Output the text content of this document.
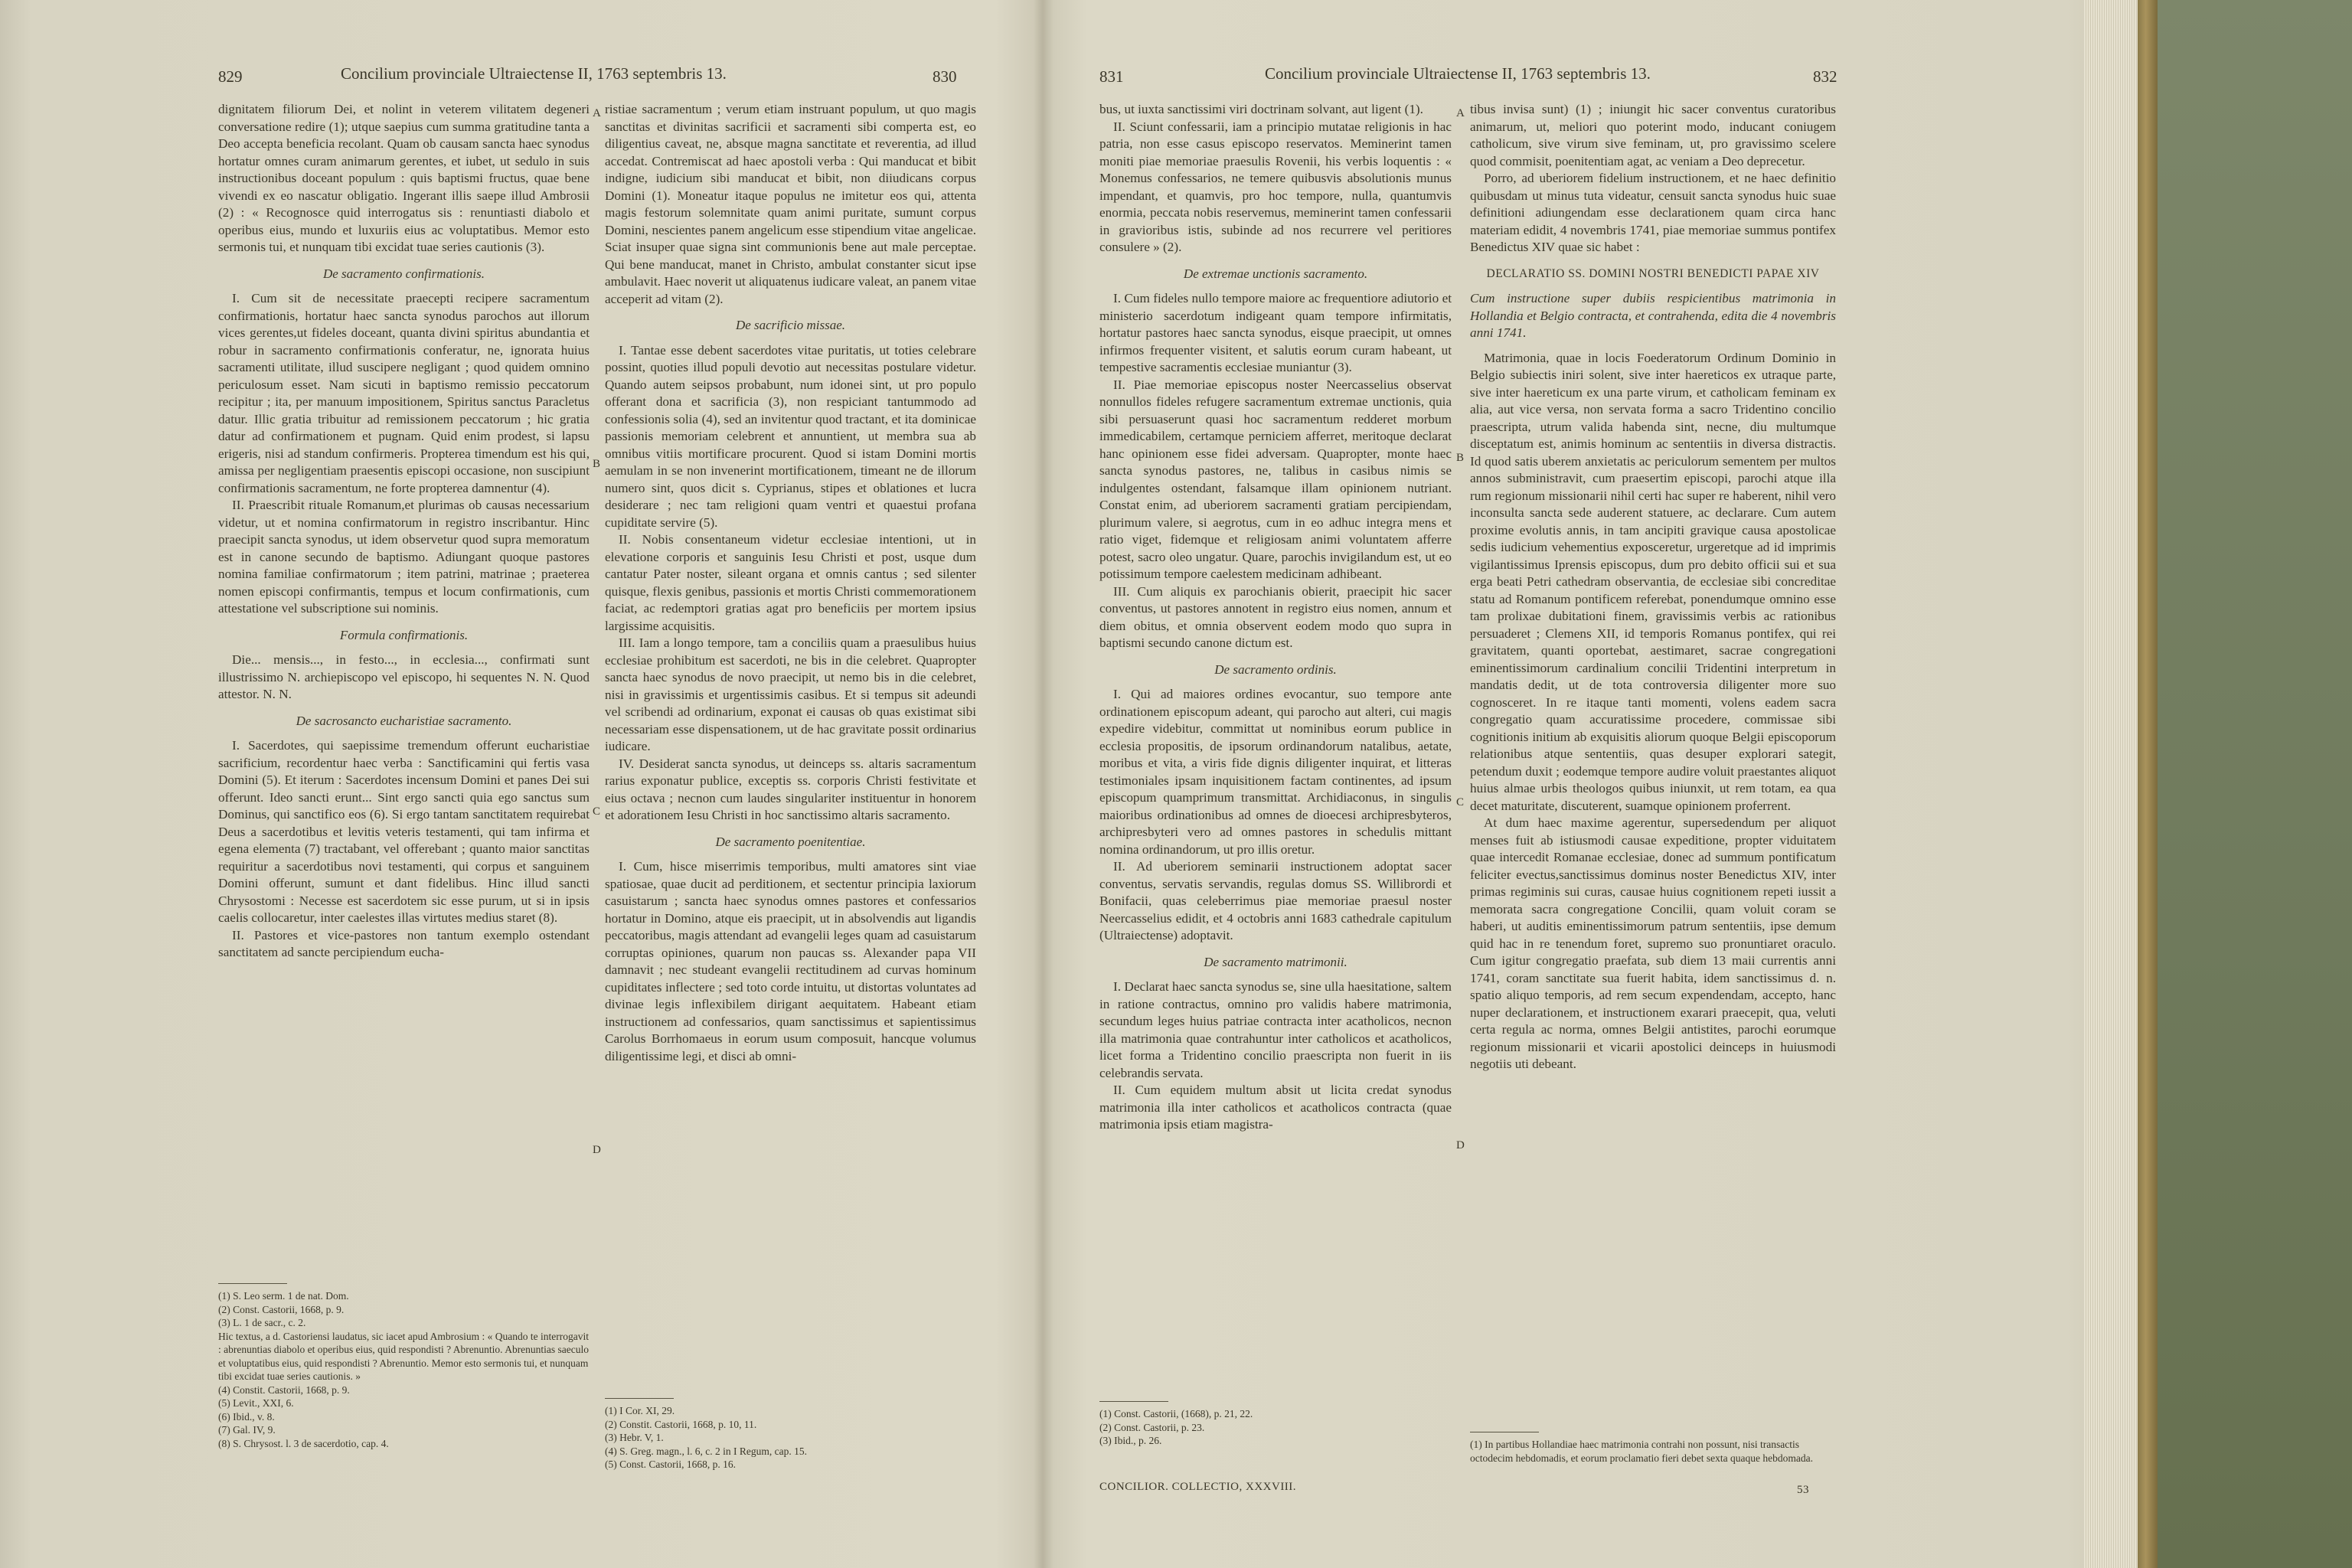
829	Concilium provinciale Ultraiectense II, 1763 septembris 13.	830

dignitatem filiorum Dei, et nolint in veterem vilitatem degeneri conversatione redire (1); utque saepius cum summa gratitudine tanta a Deo accepta beneficia recolant. Quam ob causam sancta haec synodus hortatur omnes curam animarum gerentes, et iubet, ut sedulo in suis instructionibus doceant populum : quis baptismi fructus, quae bene vivendi ex eo nascatur obligatio. Ingerant illis saepe illud Ambrosii (2) : « Recognosce quid interrogatus sis : renuntiasti diabolo et operibus eius, mundo et luxuriis eius ac voluptatibus. Memor esto sermonis tui, et nunquam tibi excidat tuae series cautionis (3).

De sacramento confirmationis.

I. Cum sit de necessitate praecepti recipere sacramentum confirmationis, hortatur haec sancta synodus parochos aut illorum vices gerentes,ut fideles doceant, quanta divini spiritus abundantia et robur in sacramento confirmationis conferatur, ne, ignorata huius sacramenti utilitate, illud suscipere negligant ; quod quidem omnino periculosum esset. Nam sicuti in baptismo remissio peccatorum recipitur ; ita, per manuum impositionem, Spiritus sanctus Paracletus datur. Illic gratia tribuitur ad remissionem peccatorum ; hic gratia datur ad confirmationem et pugnam. Quid enim prodest, si lapsu erigeris, nisi ad standum confirmeris. Propterea timendum est his qui, amissa per negligentiam praesentis episcopi occasione, non suscipiunt confirmationis sacramentum, ne forte propterea damnentur (4).

II. Praescribit rituale Romanum,et plurimas ob causas necessarium videtur, ut et nomina confirmatorum in registro inscribantur. Hinc praecipit sancta synodus, ut idem observetur quod supra memoratum est in canone secundo de baptismo. Adiungant quoque pastores nomina familiae confirmatorum ; item patrini, matrinae ; praeterea nomen episcopi confirmantis, tempus et locum confirmationis, cum attestatione vel subscriptione sui nominis.

Formula confirmationis.

Die... mensis..., in festo..., in ecclesia..., confirmati sunt illustrissimo N. archiepiscopo vel episcopo, hi sequentes N. N. Quod attestor. N. N.

De sacrosancto eucharistiae sacramento.

I. Sacerdotes, qui saepissime tremendum offerunt eucharistiae sacrificium, recordentur haec verba : Sanctificamini qui fertis vasa Domini (5). Et iterum : Sacerdotes incensum Domini et panes Dei sui offerunt. Ideo sancti erunt... Sint ergo sancti quia ego sanctus sum Dominus, qui sanctifico eos (6). Si ergo tantam sanctitatem requirebat Deus a sacerdotibus et levitis veteris testamenti, qui tam infirma et egena elementa (7) tractabant, vel offerebant ; quanto maior sanctitas requiritur a sacerdotibus novi testamenti, qui corpus et sanguinem Domini offerunt, sumunt et dant fidelibus. Hinc illud sancti Chrysostomi : Necesse est sacerdotem sic esse purum, ut si in ipsis caelis collocaretur, inter caelestes illas virtutes medius staret (8).

II. Pastores et vice-pastores non tantum exemplo ostendant sanctitatem ad sancte percipiendum eucha-

(1) S. Leo serm. 1 de nat. Dom.

(2) Const. Castorii, 1668, p. 9.

(3) L. 1 de sacr., c. 2.

Hic textus, a d. Castoriensi laudatus, sic iacet apud Ambrosium : « Quando te interrogavit : abrenuntias diabolo et operibus eius, quid respondisti ? Abrenuntio. Abrenuntias saeculo et voluptatibus eius, quid respondisti ? Abrenuntio. Memor esto sermonis tui, et nunquam tibi excidat tuae series cautionis. »

(4) Constit. Castorii, 1668, p. 9.

(5) Levit., XXI, 6.

(6) Ibid., v. 8.

(7) Gal. IV, 9.

(8) S. Chrysost. l. 3 de sacerdotio, cap. 4.

A
B
C
D

ristiae sacramentum ; verum etiam instruant populum, ut quo magis sanctitas et divinitas sacrificii et sacramenti sibi comperta est, eo diligentius caveat, ne, absque magna sanctitate et reverentia, ad illud accedat. Contremiscat ad haec apostoli verba : Qui manducat et bibit indigne, iudicium sibi manducat et bibit, non diiudicans corpus Domini (1). Moneatur itaque populus ne imitetur eos qui, attenta magis festorum solemnitate quam animi puritate, sumunt corpus Domini, nescientes panem angelicum esse stipendium vitae angelicae. Sciat insuper quae signa sint communionis bene aut male perceptae. Qui bene manducat, manet in Christo, ambulat constanter sicut ipse ambulavit. Haec noverit ut aliquatenus iudicare valeat, an panem vitae acceperit ad vitam (2).

De sacrificio missae.

I. Tantae esse debent sacerdotes vitae puritatis, ut toties celebrare possint, quoties illud populi devotio aut necessitas postulare videtur. Quando autem seipsos probabunt, num idonei sint, ut pro populo offerant dona et sacrificia (3), non respiciant tantummodo ad confessionis solia (4), sed an invitentur quod tractant, et ita dominicae passionis memoriam celebrent et annuntient, ut membra sua ab omnibus vitiis mortificare procurent. Quod si istam Domini mortis aemulam in se non invenerint mortificationem, timeant ne de illorum numero sint, quos dicit s. Cyprianus, stipes et oblationes et lucra desiderare ; nec tam religioni quam ventri et quaestui profana cupiditate servire (5).

II. Nobis consentaneum videtur ecclesiae intentioni, ut in elevatione corporis et sanguinis Iesu Christi et post, usque dum cantatur Pater noster, sileant organa et omnis cantus ; sed silenter quisque, flexis genibus, passionis et mortis Christi commemorationem faciat, ac redemptori gratias agat pro beneficiis per mortem ipsius largissime acquisitis.

III. Iam a longo tempore, tam a conciliis quam a praesulibus huius ecclesiae prohibitum est sacerdoti, ne bis in die celebret. Quapropter sancta haec synodus de novo praecipit, ut nemo bis in die celebret, nisi in gravissimis et urgentissimis casibus. Et si tempus sit adeundi vel scribendi ad ordinarium, exponat ei causas ob quas existimat sibi necessariam esse dispensationem, ut de hac gravitate possit ordinarius iudicare.

IV. Desiderat sancta synodus, ut deinceps ss. altaris sacramentum rarius exponatur publice, exceptis ss. corporis Christi festivitate et eius octava ; necnon cum laudes singulariter instituentur in honorem et adorationem Iesu Christi in hoc sanctissimo altaris sacramento.

De sacramento poenitentiae.

I. Cum, hisce miserrimis temporibus, multi amatores sint viae spatiosae, quae ducit ad perditionem, et sectentur principia laxiorum casuistarum ; sancta haec synodus omnes pastores et confessarios hortatur in Domino, atque eis praecipit, ut in absolvendis aut ligandis peccatoribus, magis attendant ad evangelii leges quam ad casuistarum corruptas opiniones, quarum non paucas ss. Alexander papa VII damnavit ; nec studeant evangelii rectitudinem ad curvas hominum cupiditates inflectere ; sed toto corde intuitu, ut distortas voluntates ad divinae legis inflexibilem dirigant aequitatem. Habeant etiam instructionem ad confessarios, quam sanctissimus et sapientissimus Carolus Borrhomaeus in eorum usum composuit, hancque volumus diligentissime legi, et disci ab omni-

(1) I Cor. XI, 29.

(2) Constit. Castorii, 1668, p. 10, 11.

(3) Hebr. V, 1.

(4) S. Greg. magn., l. 6, c. 2 in I Regum, cap. 15.

(5) Const. Castorii, 1668, p. 16.

831	Concilium provinciale Ultraiectense II, 1763 septembris 13.	832

bus, ut iuxta sanctissimi viri doctrinam solvant, aut ligent (1).

II. Sciunt confessarii, iam a principio mutatae religionis in hac patria, non esse casus episcopo reservatos. Meminerint tamen moniti piae memoriae praesulis Rovenii, his verbis loquentis : « Monemus confessarios, ne temere quibusvis absolutionis munus impendant, et quamvis, pro hoc tempore, nulla, quantumvis enormia, peccata nobis reservemus, meminerint tamen confessarii in gravioribus istis, subinde ad nos recurrere vel peritiores consulere » (2).

De extremae unctionis sacramento.

I. Cum fideles nullo tempore maiore ac frequentiore adiutorio et ministerio sacerdotum indigeant quam tempore infirmitatis, hortatur pastores haec sancta synodus, eisque praecipit, ut omnes infirmos frequenter visitent, et salutis eorum curam habeant, ut tempestive sacramentis ecclesiae muniantur (3).

II. Piae memoriae episcopus noster Neercasselius observat nonnullos fideles refugere sacramentum extremae unctionis, quia sibi persuaserunt quasi hoc sacramentum redderet morbum immedicabilem, certamque perniciem afferret, meritoque declarat hanc opinionem esse fidei adversam. Quapropter, monte haec sancta synodus pastores, ne, talibus in casibus nimis se indulgentes ostendant, falsamque illam opinionem nutriant. Constat enim, ad uberiorem sacramenti gratiam percipiendam, plurimum valere, si aegrotus, cum in eo adhuc integra mens et ratio viget, fidemque et religiosam animi voluntatem afferre potest, sacro oleo ungatur. Quare, parochis invigilandum est, ut eo potissimum tempore caelestem medicinam adhibeant.

III. Cum aliquis ex parochianis obierit, praecipit hic sacer conventus, ut pastores annotent in registro eius nomen, annum et diem obitus, et omnia observent eodem modo quo supra in baptismi secundo canone dictum est.

De sacramento ordinis.

I. Qui ad maiores ordines evocantur, suo tempore ante ordinationem episcopum adeant, qui parocho aut alteri, cui magis expedire videbitur, committat ut nominibus eorum publice in ecclesia propositis, de ipsorum ordinandorum natalibus, aetate, moribus et vita, a viris fide dignis diligenter inquirat, et litteras testimoniales ipsam inquisitionem factam continentes, ad ipsum episcopum quamprimum transmittat. Archidiaconus, in singulis maioribus ordinationibus ad omnes de dioecesi archipresbyteros, archipresbyteri vero ad omnes pastores in schedulis mittant nomina ordinandorum, ut pro illis oretur.

II. Ad uberiorem seminarii instructionem adoptat sacer conventus, servatis servandis, regulas domus SS. Willibrordi et Bonifacii, quas celeberrimus piae memoriae praesul noster Neercasselius edidit, et 4 octobris anni 1683 cathedrale capitulum (Ultraiectense) adoptavit.

De sacramento matrimonii.

I. Declarat haec sancta synodus se, sine ulla haesitatione, saltem in ratione contractus, omnino pro validis habere matrimonia, secundum leges huius patriae contracta inter acatholicos, necnon illa matrimonia quae contrahuntur inter catholicos et acatholicos, licet forma a Tridentino concilio praescripta non fuerit in iis celebrandis servata.

II. Cum equidem multum absit ut licita credat synodus matrimonia illa inter catholicos et acatholicos contracta (quae matrimonia ipsis etiam magistra-

(1) Const. Castorii, (1668), p. 21, 22.

(2) Const. Castorii, p. 23.

(3) Ibid., p. 26.

CONCILIOR. COLLECTIO, XXXVIII.
A
B
C
D

tibus invisa sunt) (1) ; iniungit hic sacer conventus curatoribus animarum, ut, meliori quo poterint modo, inducant coniugem catholicum, sive virum sive feminam, ut, pro gravissimo scelere quod commisit, poenitentiam agat, ac veniam a Deo deprecetur.

Porro, ad uberiorem fidelium instructionem, et ne haec definitio quibusdam ut minus tuta videatur, censuit sancta synodus huic suae definitioni adiungendam esse declarationem quam circa hanc materiam edidit, 4 novembris 1741, piae memoriae summus pontifex Benedictus XIV quae sic habet :

DECLARATIO SS. DOMINI NOSTRI BENEDICTI PAPAE XIV

Cum instructione super dubiis respicientibus matrimonia in Hollandia et Belgio contracta, et contrahenda, edita die 4 novembris anni 1741.

Matrimonia, quae in locis Foederatorum Ordinum Dominio in Belgio subiectis iniri solent, sive inter haereticos ex utraque parte, sive inter haereticum ex una parte virum, et catholicam feminam ex alia, aut vice versa, non servata forma a sacro Tridentino concilio praescripta, utrum valida habenda sint, necne, diu multumque disceptatum est, animis hominum ac sententiis in diversa distractis. Id quod satis uberem anxietatis ac periculorum sementem per multos annos subministravit, cum praesertim episcopi, parochi atque illa rum regionum missionarii nihil certi hac super re haberent, nihil vero inconsulta sancta sede auderent statuere, ac declarare. Cum autem proxime evolutis annis, in tam ancipiti gravique causa apostolicae sedis iudicium vehementius exposceretur, urgeretque ad id imprimis vigilantissimus Iprensis episcopus, dum pro debito officii sui et sua erga beati Petri cathedram observantia, de ecclesiae sibi concreditae statu ad Romanum pontificem referebat, ponendumque omnino esse tam prolixae dubitationi finem, gravissimis verbis ac rationibus persuaderet ; Clemens XII, id temporis Romanus pontifex, qui rei gravitatem, quanti oportebat, aestimaret, sacrae congregationi eminentissimorum cardinalium concilii Tridentini interpretum in mandatis dedit, ut de tota controversia diligenter more suo cognosceret. In re itaque tanti momenti, volens eadem sacra congregatio quam accuratissime procedere, commissae sibi cognitionis initium ab exquisitis aliorum quoque Belgii episcoporum relationibus atque sententiis, quas desuper explorari sategit, petendum duxit ; eodemque tempore audire voluit praestantes aliquot huius almae urbis theologos quibus iniunxit, ut rem totam, ea qua decet maturitate, discuterent, suamque opinionem proferrent.

At dum haec maxime agerentur, supersedendum per aliquot menses fuit ab istiusmodi causae expeditione, propter viduitatem quae intercedit Romanae ecclesiae, donec ad summum pontificatum feliciter evectus,sanctissimus dominus noster Benedictus XIV, inter primas regiminis sui curas, causae huius cognitionem repeti iussit a memorata sacra congregatione Concilii, quam voluit coram se haberi, ut auditis eminentissimorum patrum sententiis, ipse demum quid hac in re tenendum foret, supremo suo pronuntiaret oraculo. Cum igitur congregatio praefata, sub diem 13 maii currentis anni 1741, coram sanctitate sua fuerit habita, idem sanctissimus d. n. spatio aliquo temporis, ad rem secum expendendam, accepto, hanc nuper declarationem, et instructionem exarari praecepit, qua, veluti certa regula ac norma, omnes Belgii antistites, parochi eorumque regionum missionarii et vicarii apostolici deinceps in huiusmodi negotiis uti debeant.

(1) In partibus Hollandiae haec matrimonia contrahi non possunt, nisi transactis octodecim hebdomadis, et eorum proclamatio fieri debet sexta quaque hebdomada.

53
